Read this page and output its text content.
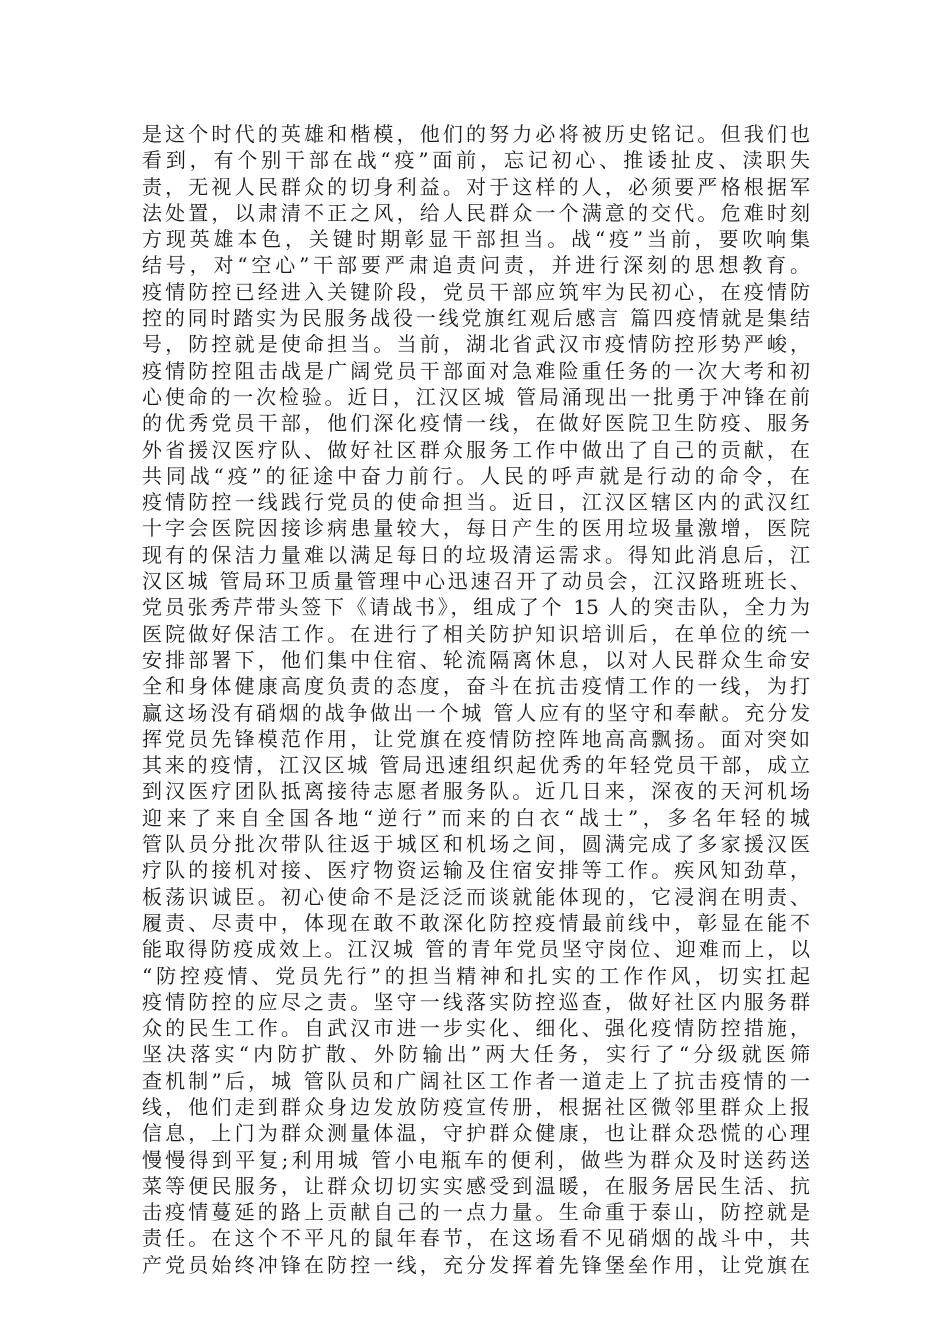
是这个时代的英雄和楷模，他们的努力必将被历史铭记。但我们也
看到，有个别干部在战“疫”面前，忘记初心、推诿扯皮、渎职失
责，无视人民群众的切身利益。对于这样的人，必须要严格根据军
法处置，以肃清不正之风，给人民群众一个满意的交代。危难时刻
方现英雄本色，关键时期彰显干部担当。战“疫”当前，要吹响集
结号，对“空心”干部要严肃追责问责，并进行深刻的思想教育。
疫情防控已经进入关键阶段，党员干部应筑牢为民初心，在疫情防
控的同时踏实为民服务战役一线党旗红观后感言 篇四疫情就是集结
号，防控就是使命担当。当前，湖北省武汉市疫情防控形势严峻，
疫情防控阻击战是广阔党员干部面对急难险重任务的一次大考和初
心使命的一次检验。近日，江汉区城 管局涌现出一批勇于冲锋在前
的优秀党员干部，他们深化疫情一线，在做好医院卫生防疫、服务
外省援汉医疗队、做好社区群众服务工作中做出了自己的贡献，在
共同战“疫”的征途中奋力前行。人民的呼声就是行动的命令，在
疫情防控一线践行党员的使命担当。近日，江汉区辖区内的武汉红
十字会医院因接诊病患量较大，每日产生的医用垃圾量激增，医院
现有的保洁力量难以满足每日的垃圾清运需求。得知此消息后，江
汉区城 管局环卫质量管理中心迅速召开了动员会，江汉路班班长、
党员张秀芹带头签下《请战书》，组成了个 15 人的突击队，全力为
医院做好保洁工作。在进行了相关防护知识培训后，在单位的统一
安排部署下，他们集中住宿、轮流隔离休息，以对人民群众生命安
全和身体健康高度负责的态度，奋斗在抗击疫情工作的一线，为打
赢这场没有硝烟的战争做出一个城 管人应有的坚守和奉献。充分发
挥党员先锋模范作用，让党旗在疫情防控阵地高高飘扬。面对突如
其来的疫情，江汉区城 管局迅速组织起优秀的年轻党员干部，成立
到汉医疗团队抵离接待志愿者服务队。近几日来，深夜的天河机场
迎来了来自全国各地“逆行”而来的白衣“战士”，多名年轻的城
管队员分批次带队往返于城区和机场之间，圆满完成了多家援汉医
疗队的接机对接、医疗物资运输及住宿安排等工作。疾风知劲草，
板荡识诚臣。初心使命不是泛泛而谈就能体现的，它浸润在明责、
履责、尽责中，体现在敢不敢深化防控疫情最前线中，彰显在能不
能取得防疫成效上。江汉城 管的青年党员坚守岗位、迎难而上，以
“防控疫情、党员先行”的担当精神和扎实的工作作风，切实扛起
疫情防控的应尽之责。坚守一线落实防控巡查，做好社区内服务群
众的民生工作。自武汉市进一步实化、细化、强化疫情防控措施，
坚决落实“内防扩散、外防输出”两大任务，实行了“分级就医筛
查机制”后，城 管队员和广阔社区工作者一道走上了抗击疫情的一
线，他们走到群众身边发放防疫宣传册，根据社区微邻里群众上报
信息，上门为群众测量体温，守护群众健康，也让群众恐慌的心理
慢慢得到平复;利用城 管小电瓶车的便利，做些为群众及时送药送
菜等便民服务，让群众切切实实感受到温暖，在服务居民生活、抗
击疫情蔓延的路上贡献自己的一点力量。生命重于泰山，防控就是
责任。在这个不平凡的鼠年春节，在这场看不见硝烟的战斗中，共
产党员始终冲锋在防控一线，充分发挥着先锋堡垒作用，让党旗在
